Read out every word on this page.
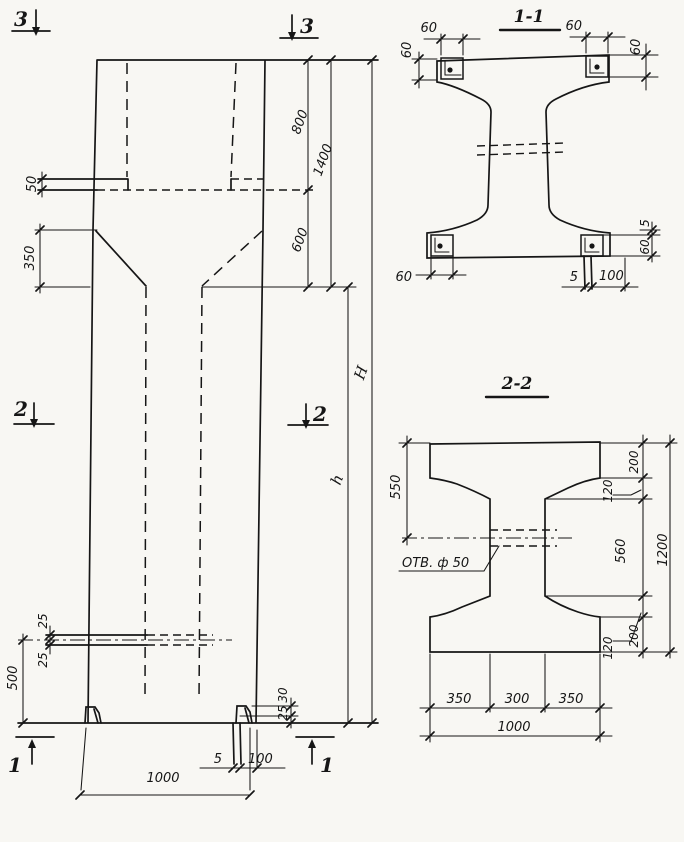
50
350
25
25
500
800
1400
600
h
H
30
25
5 100
1000
3	3
2	2
1	1
1-1
60
60
60
60
60	5 100
5
60
2-2
ОТВ. ф 50
550
200
120
560
120
200
1200
350	300 350
1000
